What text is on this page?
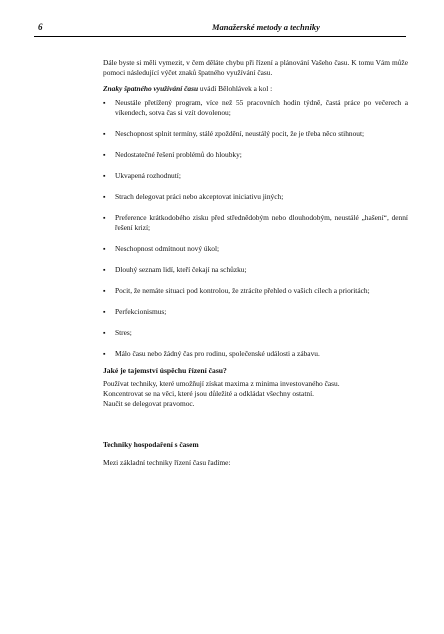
6	Manažerské metody a techniky

Dále byste si měli vymezit, v čem děláte chybu při řízení a plánování Vašeho času. K tomu Vám může pomoci následující výčet znaků špatného využívání času.

Znaky špatného využívání času uvádí Bělohlávek a kol :

▪ Neustále přetížený program, více než 55 pracovních hodin týdně, častá práce po večerech a víkendech, sotva čas si vzít dovolenou;
▪ Neschopnost splnit termíny, stálé zpoždění, neustálý pocit, že je třeba něco stihnout;
▪ Nedostatečné řešení problémů do hloubky;
▪ Ukvapená rozhodnutí;
▪ Strach delegovat práci nebo akceptovat iniciativu jiných;
▪ Preference krátkodobého zisku před střednědobým nebo dlouhodobým, neustálé „hašení“, denní řešení krizí;
▪ Neschopnost odmítnout nový úkol;
▪ Dlouhý seznam lidí, kteří čekají na schůzku;
▪ Pocit, že nemáte situaci pod kontrolou, že ztrácíte přehled o vašich cílech a prioritách;
▪ Perfekcionismus;
▪ Stres;
▪ Málo času nebo žádný čas pro rodinu, společenské události a zábavu.

Jaké je tajemství úspěchu řízení času?

Používat techniky, které umožňují získat maxima z minima investovaného času.

Koncentrovat se na věci, které jsou důležité a odkládat všechny ostatní.

Naučit se delegovat pravomoc.

Techniky hospodaření s časem

Mezi základní techniky řízení času řadíme:
